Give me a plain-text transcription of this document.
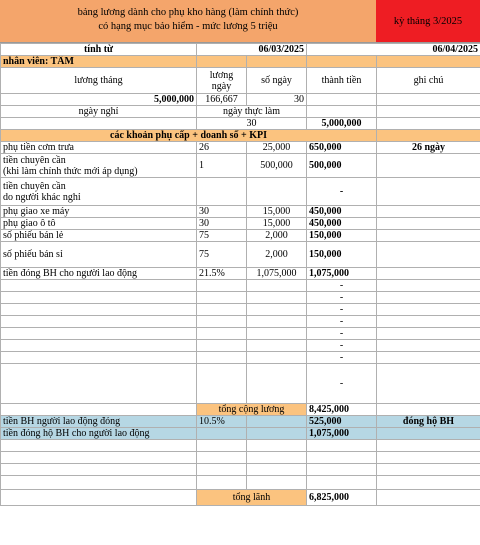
bảng lương dành cho phụ kho hàng (làm chính thức)
có hạng mục bảo hiểm - mức lương 5 triệu	kỳ tháng 3/2025
tính từ	06/03/2025		06/04/2025	
nhân viên: TÂM				
lương tháng	lương ngày	số ngày	thành tiền	ghi chú
5,000,000	166,667	30		
ngày nghỉ	ngày thực làm			
	30		5,000,000	
các khoản phụ cấp + doanh số + KPI				
phụ tiền cơm trưa	26	25,000	650,000	26 ngày

tiền chuyên cần
(khi làm chính thức mới áp dụng)	1	500,000	500,000	

tiền chuyên cần
do người khác nghỉ			-	
phụ giao xe máy	30	15,000	450,000	
phụ giao ô tô	30	15,000	450,000	
số phiếu bán lẻ	75	2,000	150,000	
số phiếu bán sỉ	75	2,000	150,000	
tiền đóng BH cho người lao động	21.5%	1,075,000	1,075,000	
			-	
			-	
			-	
			-	
			-	
			-	
			-	
			-	
	tổng cộng lương		8,425,000	
tiền BH người lao động đóng	10.5%		525,000	đóng hộ BH
tiền đóng hộ BH cho người lao động			1,075,000	

	tổng lãnh		6,825,000	
